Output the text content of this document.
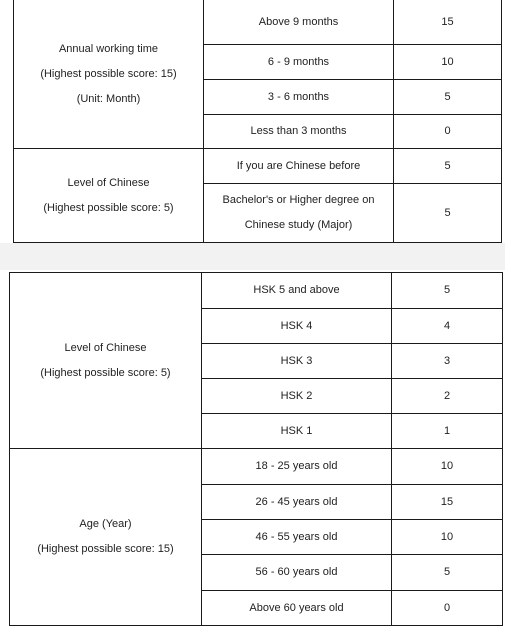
Annual working time
(Highest possible score: 15)
(Unit: Month)	Above 9 months	15

	6 - 9 months	10

	3 - 6 months	5

	Less than 3 months	0

Level of Chinese
(Highest possible score: 5)	If you are Chinese before	5

	Bachelor's or Higher degree on
Chinese study (Major)	5
Level of Chinese
(Highest possible score: 5)	HSK 5 and above	5

	HSK 4	4

	HSK 3	3

	HSK 2	2

	HSK 1	1

Age (Year)
(Highest possible score: 15)	18 - 25 years old	10

	26 - 45 years old	15

	46 - 55 years old	10

	56 - 60 years old	5

	Above 60 years old	0
